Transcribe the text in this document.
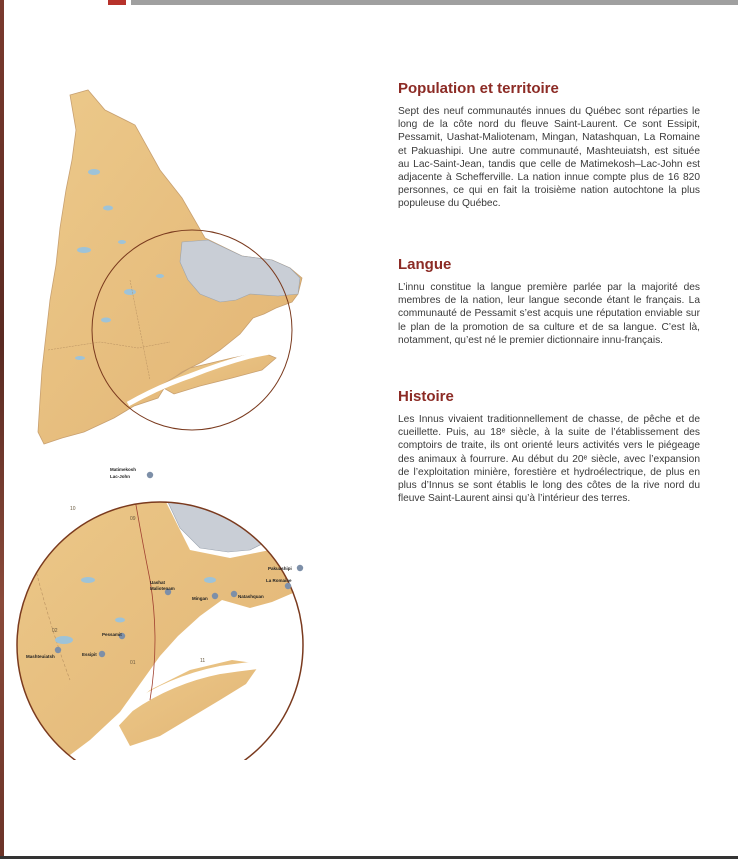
Matimekosh
Lac-John
Pakuashipi
La Romaine
Natashquan
Mingan
Uashat
Maliotenam
Pessamit
Essipit
Mashteuiatsh
02
09
10
01	11
Population et territoire

Sept des neuf communautés innues du Québec sont réparties le long de la côte nord du fleuve Saint-Laurent. Ce sont Essipit, Pessamit, Uashat-Maliotenam, Mingan, Natashquan, La Romaine et Pakuashipi. Une autre communauté, Mashteuiatsh, est située au Lac-Saint-Jean, tandis que celle de Matimekosh–Lac-John est adjacente à Schefferville. La nation innue compte plus de 16 820 personnes, ce qui en fait la troisième nation autochtone la plus populeuse du Québec.

Langue

L’innu constitue la langue première parlée par la majorité des membres de la nation, leur langue seconde étant le français. La communauté de Pessamit s’est acquis une réputation enviable sur le plan de la promotion de sa culture et de sa langue. C’est là, notamment, qu’est né le premier dictionnaire innu-français.

Histoire

Les Innus vivaient traditionnellement de chasse, de pêche et de cueillette. Puis, au 18ᵉ siècle, à la suite de l’établissement des comptoirs de traite, ils ont orienté leurs activités vers le piégeage des animaux à fourrure. Au début du 20ᵉ siècle, avec l’expansion de l’exploitation minière, forestière et hydroélectrique, de plus en plus d’Innus se sont établis le long des côtes de la rive nord du fleuve Saint-Laurent ainsi qu’à l’intérieur des terres.
